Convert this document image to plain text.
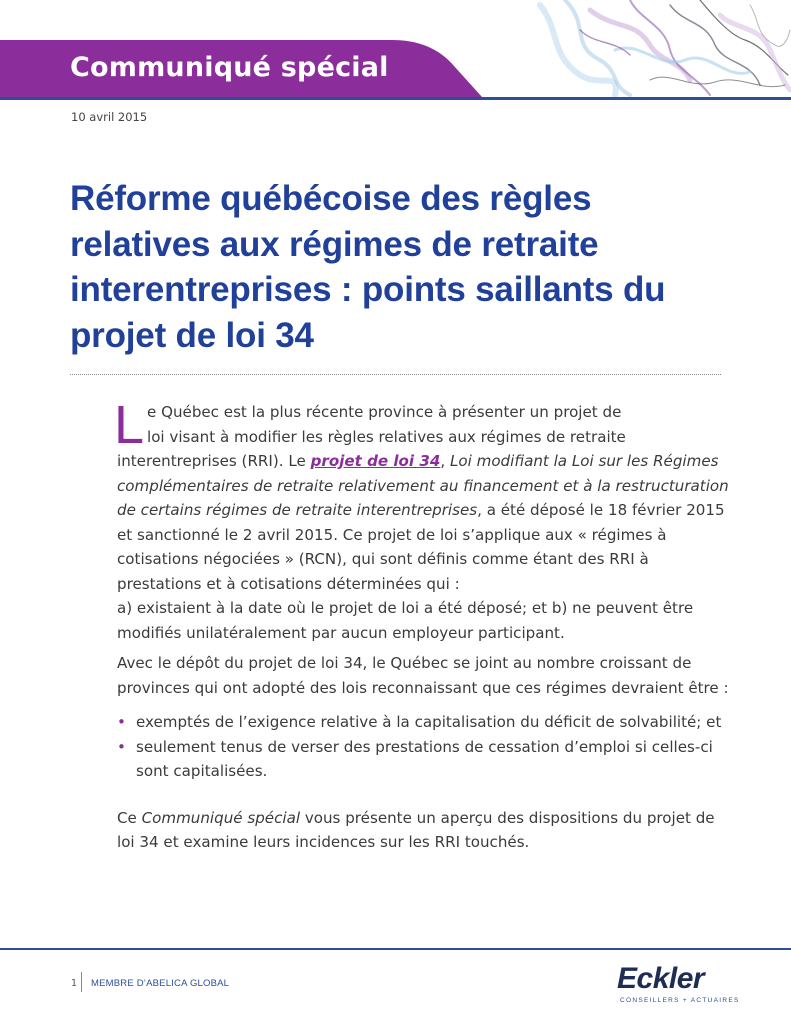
Communiqué spécial
10 avril 2015
Réforme québécoise des règles relatives aux régimes de retraite interentreprises : points saillants du projet de loi 34
L e Québec est la plus récente province à présenter un projet de
loi visant à modifier les règles relatives aux régimes de retraite
interentreprises (RRI). Le projet de loi 34, Loi modifiant la Loi sur les Régimes complémentaires de retraite relativement au financement et à la restructuration de certains régimes de retraite interentreprises, a été déposé le 18 février 2015 et sanctionné le 2 avril 2015. Ce projet de loi s’applique aux « régimes à cotisations négociées » (RCN), qui sont définis comme étant des RRI à prestations et à cotisations déterminées qui :
a) existaient à la date où le projet de loi a été déposé; et b) ne peuvent être modifiés unilatéralement par aucun employeur participant.

Avec le dépôt du projet de loi 34, le Québec se joint au nombre croissant de provinces qui ont adopté des lois reconnaissant que ces régimes devraient être :

• exemptés de l’exigence relative à la capitalisation du déficit de solvabilité; et
• seulement tenus de verser des prestations de cessation d’emploi si celles-ci sont capitalisées.

Ce Communiqué spécial vous présente un aperçu des dispositions du projet de loi 34 et examine leurs incidences sur les RRI touchés.

1 MEMBRE D’ABELICA GLOBAL	Eckler
CONSEILLERS + ACTUAIRES
